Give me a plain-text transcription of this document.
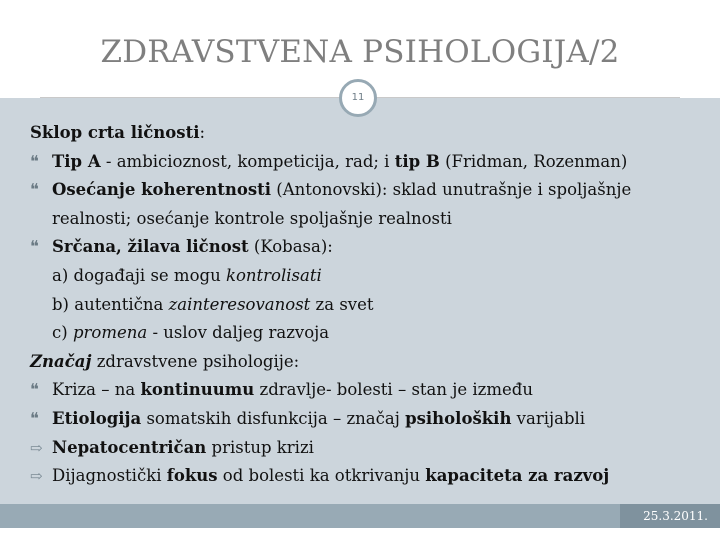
ZDRAVSTVENA PSIHOLOGIJA/2
11
Sklop crta ličnosti:
❝ Tip A - ambicioznost, kompeticija, rad; i tip B (Fridman, Rozenman)
❝ Osećanje koherentnosti (Antonovski): sklad unutrašnje i spoljašnje
realnosti; osećanje kontrole spoljašnje realnosti
❝ Srčana, žilava ličnost (Kobasa):
a) događaji se mogu kontrolisati
b) autentična zainteresovanost za svet
c) promena - uslov daljeg razvoja
Značaj zdravstvene psihologije:
❝ Kriza – na kontinuumu zdravlje- bolesti – stan je između
❝ Etiologija somatskih disfunkcija – značaj psiholoških varijabli
⇨ Nepatocentričan pristup krizi
⇨ Dijagnostički fokus od bolesti ka otkrivanju kapaciteta za razvoj
25.3.2011.
